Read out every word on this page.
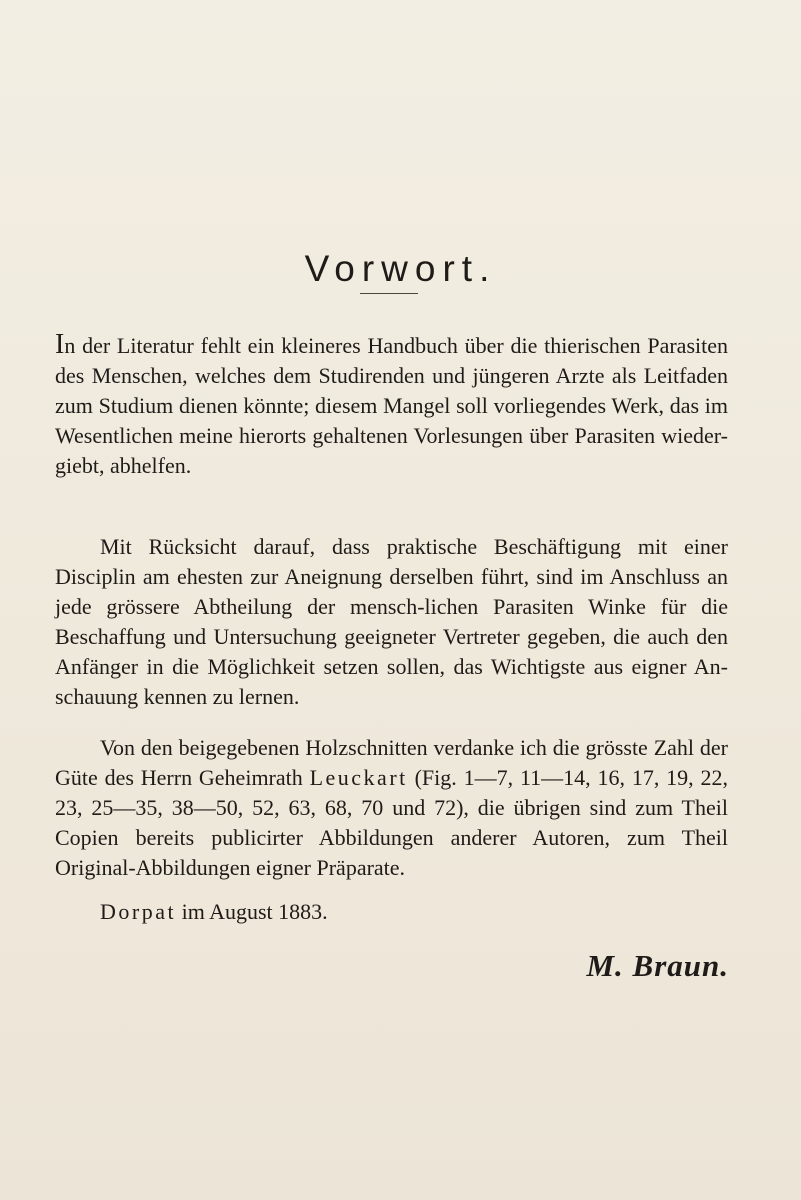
Vorwort.

In der Literatur fehlt ein kleineres Handbuch über die thierischen Parasiten des Menschen, welches dem Studirenden und jüngeren Arzte als Leitfaden zum Studium dienen könnte; diesem Mangel soll vorliegendes Werk, das im Wesentlichen meine hierorts gehaltenen Vorlesungen über Parasiten wieder-giebt, abhelfen.

Mit Rücksicht darauf, dass praktische Beschäftigung mit einer Disciplin am ehesten zur Aneignung derselben führt, sind im Anschluss an jede grössere Abtheilung der mensch-lichen Parasiten Winke für die Beschaffung und Untersuchung geeigneter Vertreter gegeben, die auch den Anfänger in die Möglichkeit setzen sollen, das Wichtigste aus eigner An-schauung kennen zu lernen.

Von den beigegebenen Holzschnitten verdanke ich die grösste Zahl der Güte des Herrn Geheimrath Leuckart (Fig. 1—7, 11—14, 16, 17, 19, 22, 23, 25—35, 38—50, 52, 63, 68, 70 und 72), die übrigen sind zum Theil Copien bereits publicirter Abbildungen anderer Autoren, zum Theil Original-Abbildungen eigner Präparate.

Dorpat im August 1883.
M. Braun.
